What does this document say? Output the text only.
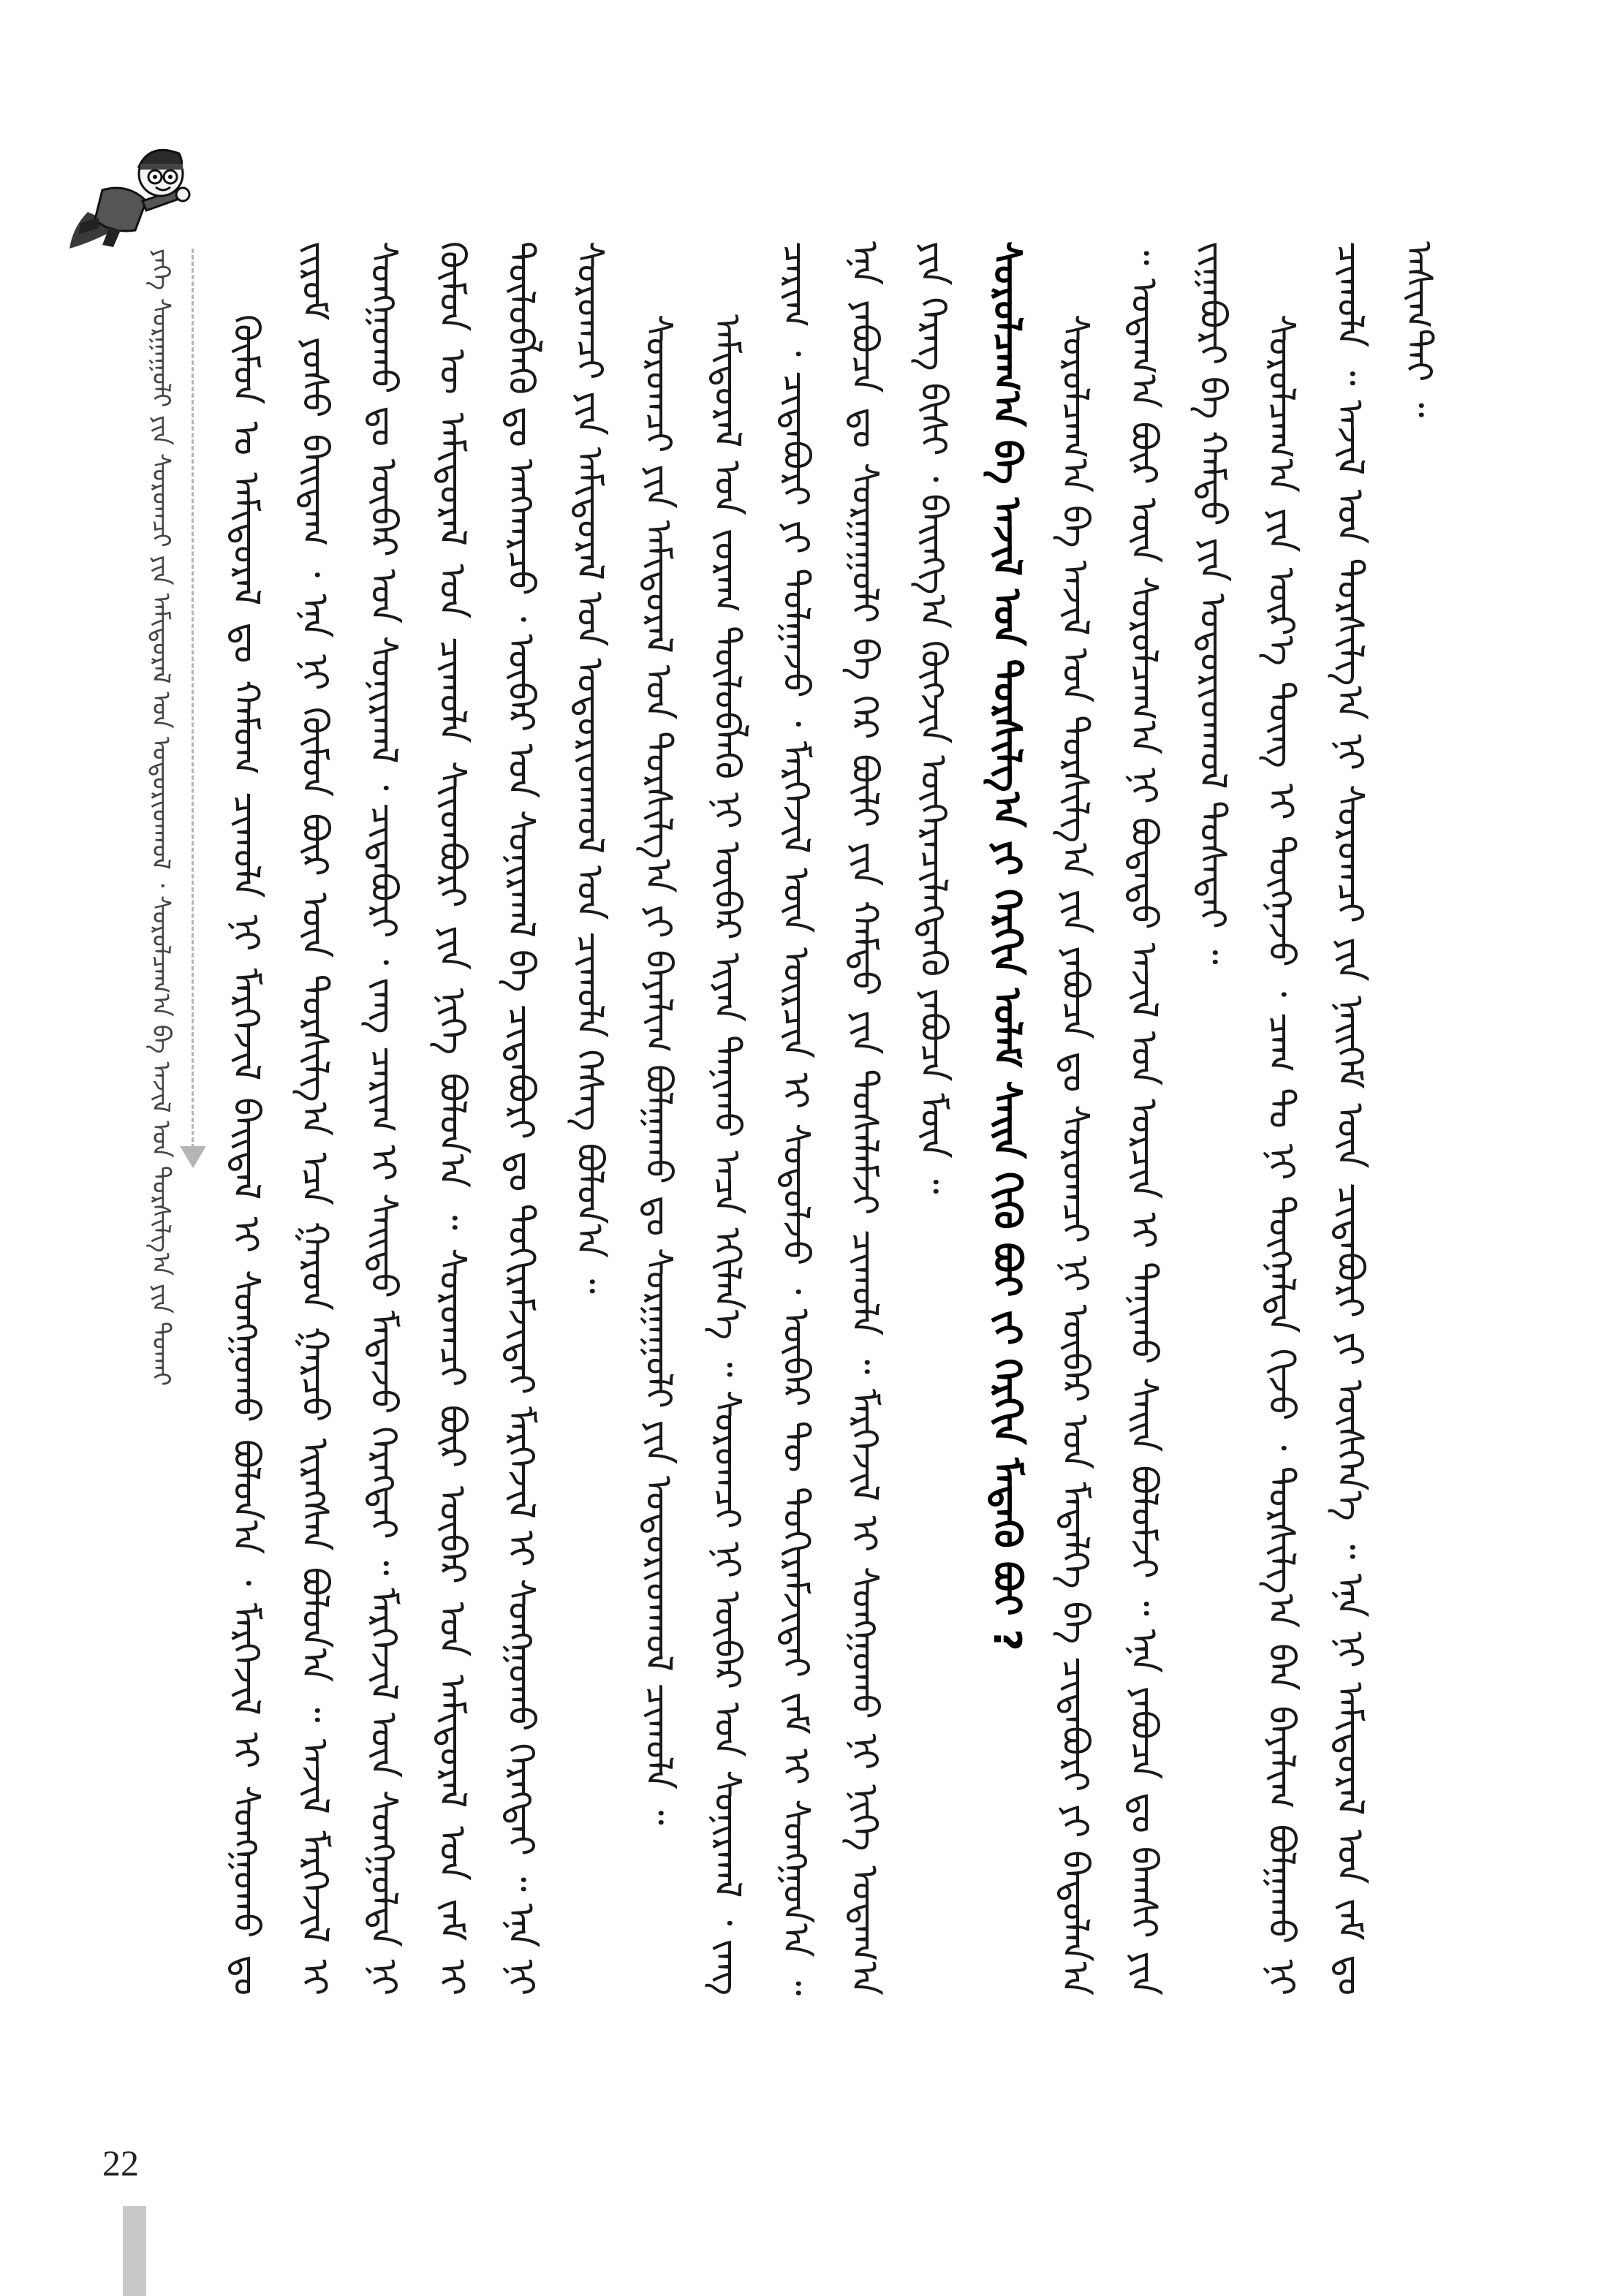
ᠶᠡᠬᠡ ᠰᠤᠷᠭᠠᠭᠤᠯᠢ ᠶᠢᠨ ᠰᠤᠷᠤᠭᠴᠢ ᠶᠢᠨ ᠠᠮᠢᠳᠤᠷᠠᠯ ᠤᠨ ᠤᠳᠤᠷᠢᠳᠬᠤᠯ ᠂ ᠰᠤᠷᠤᠯᠴᠠᠭ᠎ᠠ ᠪᠠ ᠠᠵᠢᠯ ᠤᠨ ᠲᠤᠷᠰᠢᠯᠭ᠎ᠠ ᠶᠢᠨ ᠲᠤᠬᠠᠢ	ᠬᠦᠮᠦᠨ ᠤ ᠠᠮᠢᠳᠤᠷᠠᠯ ᠳᠤ ᠬᠠᠮᠤᠭ ᠴᠢᠬᠤᠯᠠ ᠨᠢ ᠮᠡᠷᠭᠡᠵᠢᠯ ᠪᠠᠢ᠌ᠳᠠᠯ ᠢ ᠰᠣᠩᠭᠣᠬᠤ ᠪᠣᠯᠤᠨ᠎ᠠ ᠂ ᠮᠡᠷᠭᠡᠵᠢᠯ ᠢ ᠰᠣᠩᠭᠣᠬᠤ ᠳᠤ ᠵᠢᠷᠤᠮ ᠶᠣᠰᠤ ᠪᠠᠢ᠌ᠳᠠᠭ ᠂ ᠡᠨᠡ ᠨᠢ ᠬᠦᠮᠦᠨ ᠪᠦᠷ ᠦᠨ ᠲᠤᠷᠰᠢᠯᠭ᠎ᠠ ᠡᠴᠡ ᠭᠠᠷᠤᠨ ᠭᠠᠷᠴᠤ ᠢᠷᠡᠭᠰᠡᠨ ᠪᠣᠯᠤᠨ᠎ᠠ ᠃ ᠠᠵᠢᠯ ᠮᠡᠷᠭᠡᠵᠢᠯ ᠢ ᠰᠣᠩᠭᠣᠬᠤ ᠳᠤ ᠥᠪᠡᠷ ᠤᠨ ᠰᠣᠨᠢᠷᠬᠠᠯ ᠂ ᠴᠢᠳᠠᠪᠤᠷᠢ ᠂ ᠵᠠᠩ ᠴᠠᠷᠢᠭ ᠢ ᠰᠠᠢ᠌ᠲᠤ ᠮᠡᠳᠡᠵᠦ ᠬᠡᠷᠡᠭᠲᠡᠢ ᠃ ᠮᠡᠷᠭᠡᠵᠢᠯ ᠦᠨ ᠰᠣᠩᠭᠣᠯᠲᠠ ᠨᠢ ᠬᠦᠮᠦᠨ ᠦ ᠠᠮᠢᠳᠤᠷᠠᠯ ᠤᠨ ᠴᠢᠬᠤᠯᠠ ᠰᠢᠢᠳᠪᠦᠷᠢ ᠶᠢᠨ ᠨᠢᠭᠡ ᠪᠣᠯᠤᠨ᠎ᠠ ᠃ ᠰᠤᠷᠤᠭᠴᠢ ᠪᠦᠷ ᠥᠪᠡᠷ ᠤᠨ ᠠᠮᠢᠳᠤᠷᠠᠯ ᠤᠨ ᠵᠠᠮ ᠢ ᠲᠥᠯᠦᠪᠯᠡᠬᠦ ᠳᠤ ᠠᠩᠬᠠᠷᠴᠤ ᠂ ᠥᠪᠡᠷ ᠤᠨ ᠰᠣᠨᠢᠷᠬᠠᠯ ᠪᠠ ᠴᠢᠳᠠᠪᠤᠷᠢ ᠳᠤ ᠲᠣᠬᠢᠷᠠᠮᠵᠢᠲᠠᠢ ᠮᠡᠷᠭᠡᠵᠢᠯ ᠢ ᠰᠣᠩᠭᠣᠬᠤ ᠬᠡᠷᠡᠭᠲᠡᠢ ᠃ ᠡᠨᠡ ᠨᠢ ᠰᠤᠷᠤᠭᠴᠢ ᠶᠢᠨ ᠠᠮᠢᠳᠤᠷᠠᠯ ᠤᠨ ᠤᠳᠤᠷᠢᠳᠬᠤᠯ ᠤᠨ ᠴᠢᠬᠤᠯᠠ ᠬᠡᠰᠡᠭ ᠪᠣᠯᠤᠨ᠎ᠠ ᠃ ᠰᠤᠷᠤᠭᠴᠢ ᠶᠢᠨ ᠠᠮᠢᠳᠤᠷᠠᠯ ᠤᠨ ᠲᠤᠷᠰᠢᠯᠭ᠎ᠠ ᠶᠢ ᠪᠠᠶᠠᠯᠢᠭ ᠪᠣᠯᠭᠠᠬᠤ ᠳᠤ ᠰᠤᠷᠭᠠᠭᠤᠯᠢ ᠶᠢᠨ ᠤᠳᠤᠷᠢᠳᠬᠤᠯ ᠴᠢᠬᠤᠯᠠ ᠃ ᠠᠮᠢᠳᠤᠷᠠᠯ ᠤᠨ ᠵᠤᠷᠠᠭ ᠲᠥᠯᠦᠪᠯᠡᠬᠦ ᠨᠢ ᠥᠪᠡᠷ ᠢᠶᠡᠨ ᠲᠠᠨᠢᠬᠤ ᠠᠴᠠ ᠡᠬᠢᠯᠡᠨ᠎ᠡ ᠃ ᠰᠤᠷᠤᠭᠴᠢ ᠨᠢ ᠥᠪᠡᠷ ᠤᠨ ᠰᠣᠨᠢᠷᠬᠠᠯ ᠂ ᠵᠠᠩ ᠴᠠᠷᠢᠭ ᠂ ᠴᠢᠳᠠᠪᠤᠷᠢ ᠶᠢ ᠲᠤᠯᠭᠠᠵᠤ ᠂ ᠮᠡᠷᠭᠡᠵᠢᠯ ᠦᠨ ᠥᠷᠴᠢᠨ ᠢ ᠰᠤᠳᠤᠯᠵᠤ ᠂ ᠥᠪᠡᠷ ᠲᠦ ᠲᠣᠬᠢᠷᠠᠮᠵᠢᠲᠠᠢ ᠵᠠᠮ ᠢ ᠰᠣᠩᠭᠣᠨ᠎ᠠ ᠃ ᠡᠨᠡ ᠶᠠᠪᠤᠴᠠ ᠳᠤ ᠰᠤᠷᠭᠠᠭᠤᠯᠢ ᠪᠠ ᠭᠡᠷ ᠪᠦᠯᠢ ᠶᠢᠨ ᠬᠠᠮᠲᠤ ᠶᠢᠨ ᠲᠤᠰᠠᠯᠠᠮᠵᠢ ᠴᠢᠬᠤᠯᠠ ᠃ ᠮᠡᠷᠭᠡᠵᠢᠯ ᠢ ᠰᠣᠩᠭᠣᠬᠤ ᠨᠢ ᠨᠢᠭᠡ ᠤᠳᠠᠭ᠎ᠠ ᠶᠢᠨ ᠬᠡᠷᠡᠭ ᠪᠢᠰᠢ ᠂ ᠪᠠᠢ᠌ᠩᠭ᠎ᠠ ᠬᠥᠭᠵᠢᠨ ᠥᠭᠡᠷᠡᠴᠢᠯᠡᠭᠳᠡᠬᠦ ᠶᠠᠪᠤᠴᠠ ᠮᠦᠨ ᠃ ᠰᠤᠷᠤᠯᠴᠠᠭ᠎ᠠ ᠪᠠ ᠠᠵᠢᠯ ᠤᠨ ᠲᠤᠷᠰᠢᠯᠭ᠎ᠠ ᠶᠢ ᠬᠡᠷᠬᠢᠨ ᠤᠯᠠᠮ ᠰᠠᠢ᠌ᠨ ᠬᠢᠬᠦ ᠪᠤᠢ ᠵᠢ ᠬᠡᠷᠬᠢᠨ ᠮᠡᠳᠡᠬᠦ ᠪᠤᠢ ? ᠰᠤᠷᠤᠯᠴᠠᠭ᠎ᠠ ᠪᠠ ᠠᠵᠢᠯ ᠤᠨ ᠲᠤᠷᠰᠢᠯᠭ᠎ᠠ ᠶᠢᠨ ᠶᠠᠪᠤᠴᠠ ᠳᠤ ᠰᠤᠷᠤᠭᠴᠢ ᠨᠢ ᠥᠪᠡᠷ ᠤᠨ ᠮᠡᠳᠡᠯᠭᠡ ᠪᠠ ᠴᠢᠳᠠᠪᠤᠷᠢ ᠶᠢ ᠪᠠᠲᠤᠯᠠᠨ᠎ᠠ ᠃ ᠤᠳᠠᠭ᠎ᠠ ᠪᠦᠷ ᠦᠨ ᠰᠤᠷᠤᠯᠴᠠᠭ᠎ᠠ ᠨᠢ ᠪᠣᠳᠠᠲᠤ ᠠᠵᠢᠯ ᠤᠨ ᠣᠷᠴᠢᠨ ᠢ ᠲᠠᠨᠢᠬᠤ ᠰᠠᠢ᠌ᠨ ᠪᠣᠯᠤᠮᠵᠢ ᠃ ᠡᠨᠡ ᠶᠠᠪᠤᠴᠠ ᠳᠤ ᠪᠠᠭᠰᠢ ᠶᠢᠨ ᠵᠢᠭᠠᠪᠤᠷᠢ ᠪᠠ ᠬᠠᠮᠲᠤ ᠶᠢᠨ ᠤᠳᠤᠷᠢᠳᠬᠤᠯ ᠲᠤᠰᠠᠲᠠᠢ ᠃ ᠰᠤᠷᠤᠯᠴᠠᠭ᠎ᠠ ᠶᠢᠨ ᠦᠷ᠎ᠡ ᠳᠦᠩ ᠢ ᠳᠦᠭᠨᠡᠵᠦ ᠂ ᠴᠠᠭ ᠲᠤ ᠨᠢ ᠳᠦᠭᠨᠡᠯᠲᠡ ᠬᠢᠵᠦ ᠂ ᠲᠤᠷᠰᠢᠯᠭ᠎ᠠ ᠪᠡᠨ ᠪᠠᠶᠠᠯᠢᠭ ᠪᠣᠯᠭᠠᠬᠤ ᠨᠢ ᠴᠢᠬᠤᠯᠠ ᠃ ᠠᠵᠢᠯ ᠤᠨ ᠲᠤᠷᠰᠢᠯᠭ᠎ᠠ ᠨᠢ ᠰᠤᠷᠤᠭᠴᠢ ᠶᠢᠨ ᠨᠡᠢ᠌ᠭᠡᠮ ᠦᠨ ᠴᠢᠳᠠᠪᠤᠷᠢ ᠶᠢ ᠥᠰᠬᠡᠨ᠎ᠡ ᠃ ᠡᠨᠡ ᠨᠢ ᠠᠮᠢᠳᠤᠷᠠᠯ ᠤᠨ ᠵᠠᠮ ᠳᠤ ᠠᠰᠢᠭ᠎ᠲᠠᠢ ᠃

22
